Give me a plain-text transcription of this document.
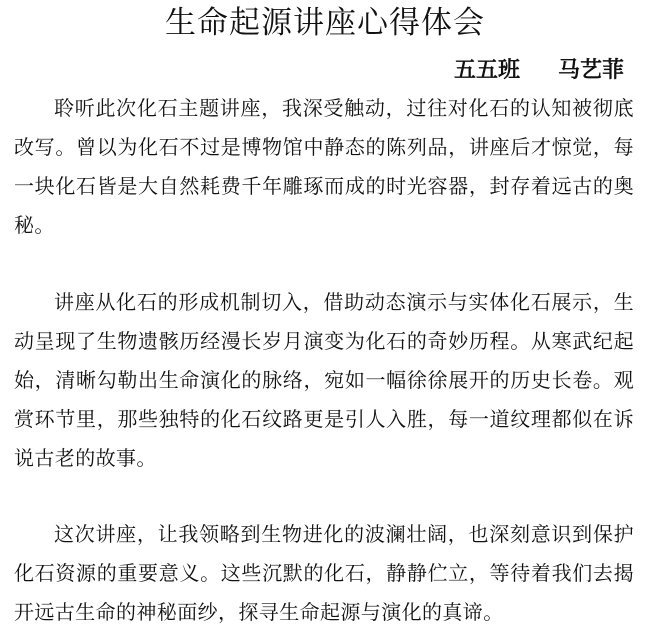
生命起源讲座心得体会
五五班 马艺菲

聆听此次化石主题讲座，我深受触动，过往对化石的认知被彻底改写。曾以为化石不过是博物馆中静态的陈列品，讲座后才惊觉，每一块化石皆是大自然耗费千年雕琢而成的时光容器，封存着远古的奥秘。

讲座从化石的形成机制切入，借助动态演示与实体化石展示，生动呈现了生物遗骸历经漫长岁月演变为化石的奇妙历程。从寒武纪起始，清晰勾勒出生命演化的脉络，宛如一幅徐徐展开的历史长卷。观赏环节里，那些独特的化石纹路更是引人入胜，每一道纹理都似在诉说古老的故事。

这次讲座，让我领略到生物进化的波澜壮阔，也深刻意识到保护化石资源的重要意义。这些沉默的化石，静静伫立，等待着我们去揭开远古生命的神秘面纱，探寻生命起源与演化的真谛。
